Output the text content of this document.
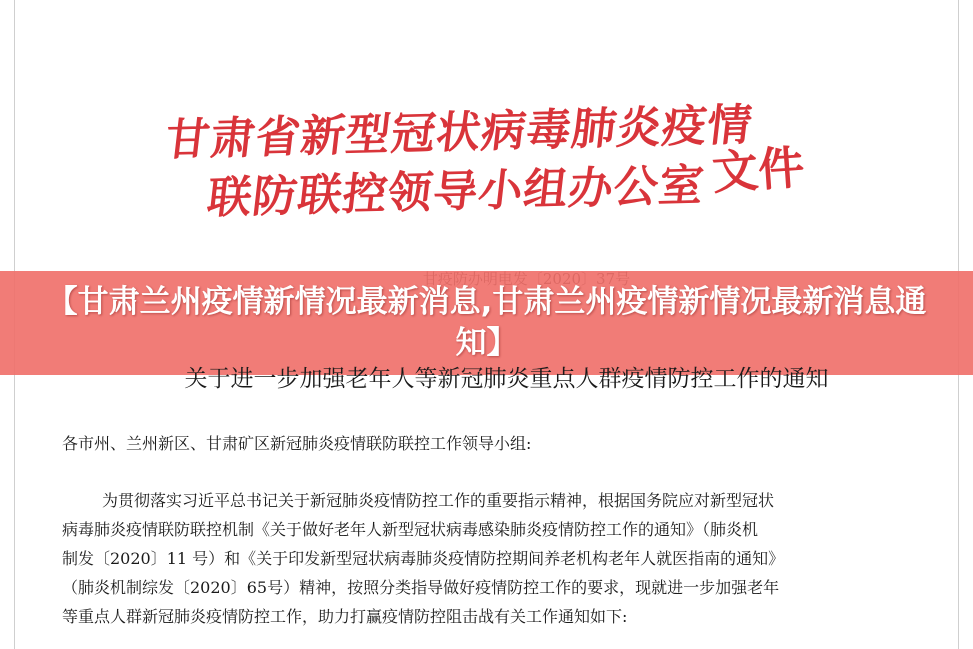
甘肃省新型冠状病毒肺炎疫情
联防联控领导小组办公室 文件
【甘肃兰州疫情新情况最新消息,甘肃兰州疫情新情况最新消息通知】
关于进一步加强老年人等新冠肺炎重点人群疫情防控工作的通知
各市州、兰州新区、甘肃矿区新冠肺炎疫情联防联控工作领导小组:
为贯彻落实习近平总书记关于新冠肺炎疫情防控工作的重要指示精神，根据国务院应对新型冠状
病毒肺炎疫情联防联控机制《关于做好老年人新型冠状病毒感染肺炎疫情防控工作的通知》（肺炎机
制发〔2020〕11 号）和《关于印发新型冠状病毒肺炎疫情防控期间养老机构老年人就医指南的通知》
（肺炎机制综发〔2020〕65号）精神，按照分类指导做好疫情防控工作的要求，现就进一步加强老年
等重点人群新冠肺炎疫情防控工作，助力打赢疫情防控阻击战有关工作通知如下:
